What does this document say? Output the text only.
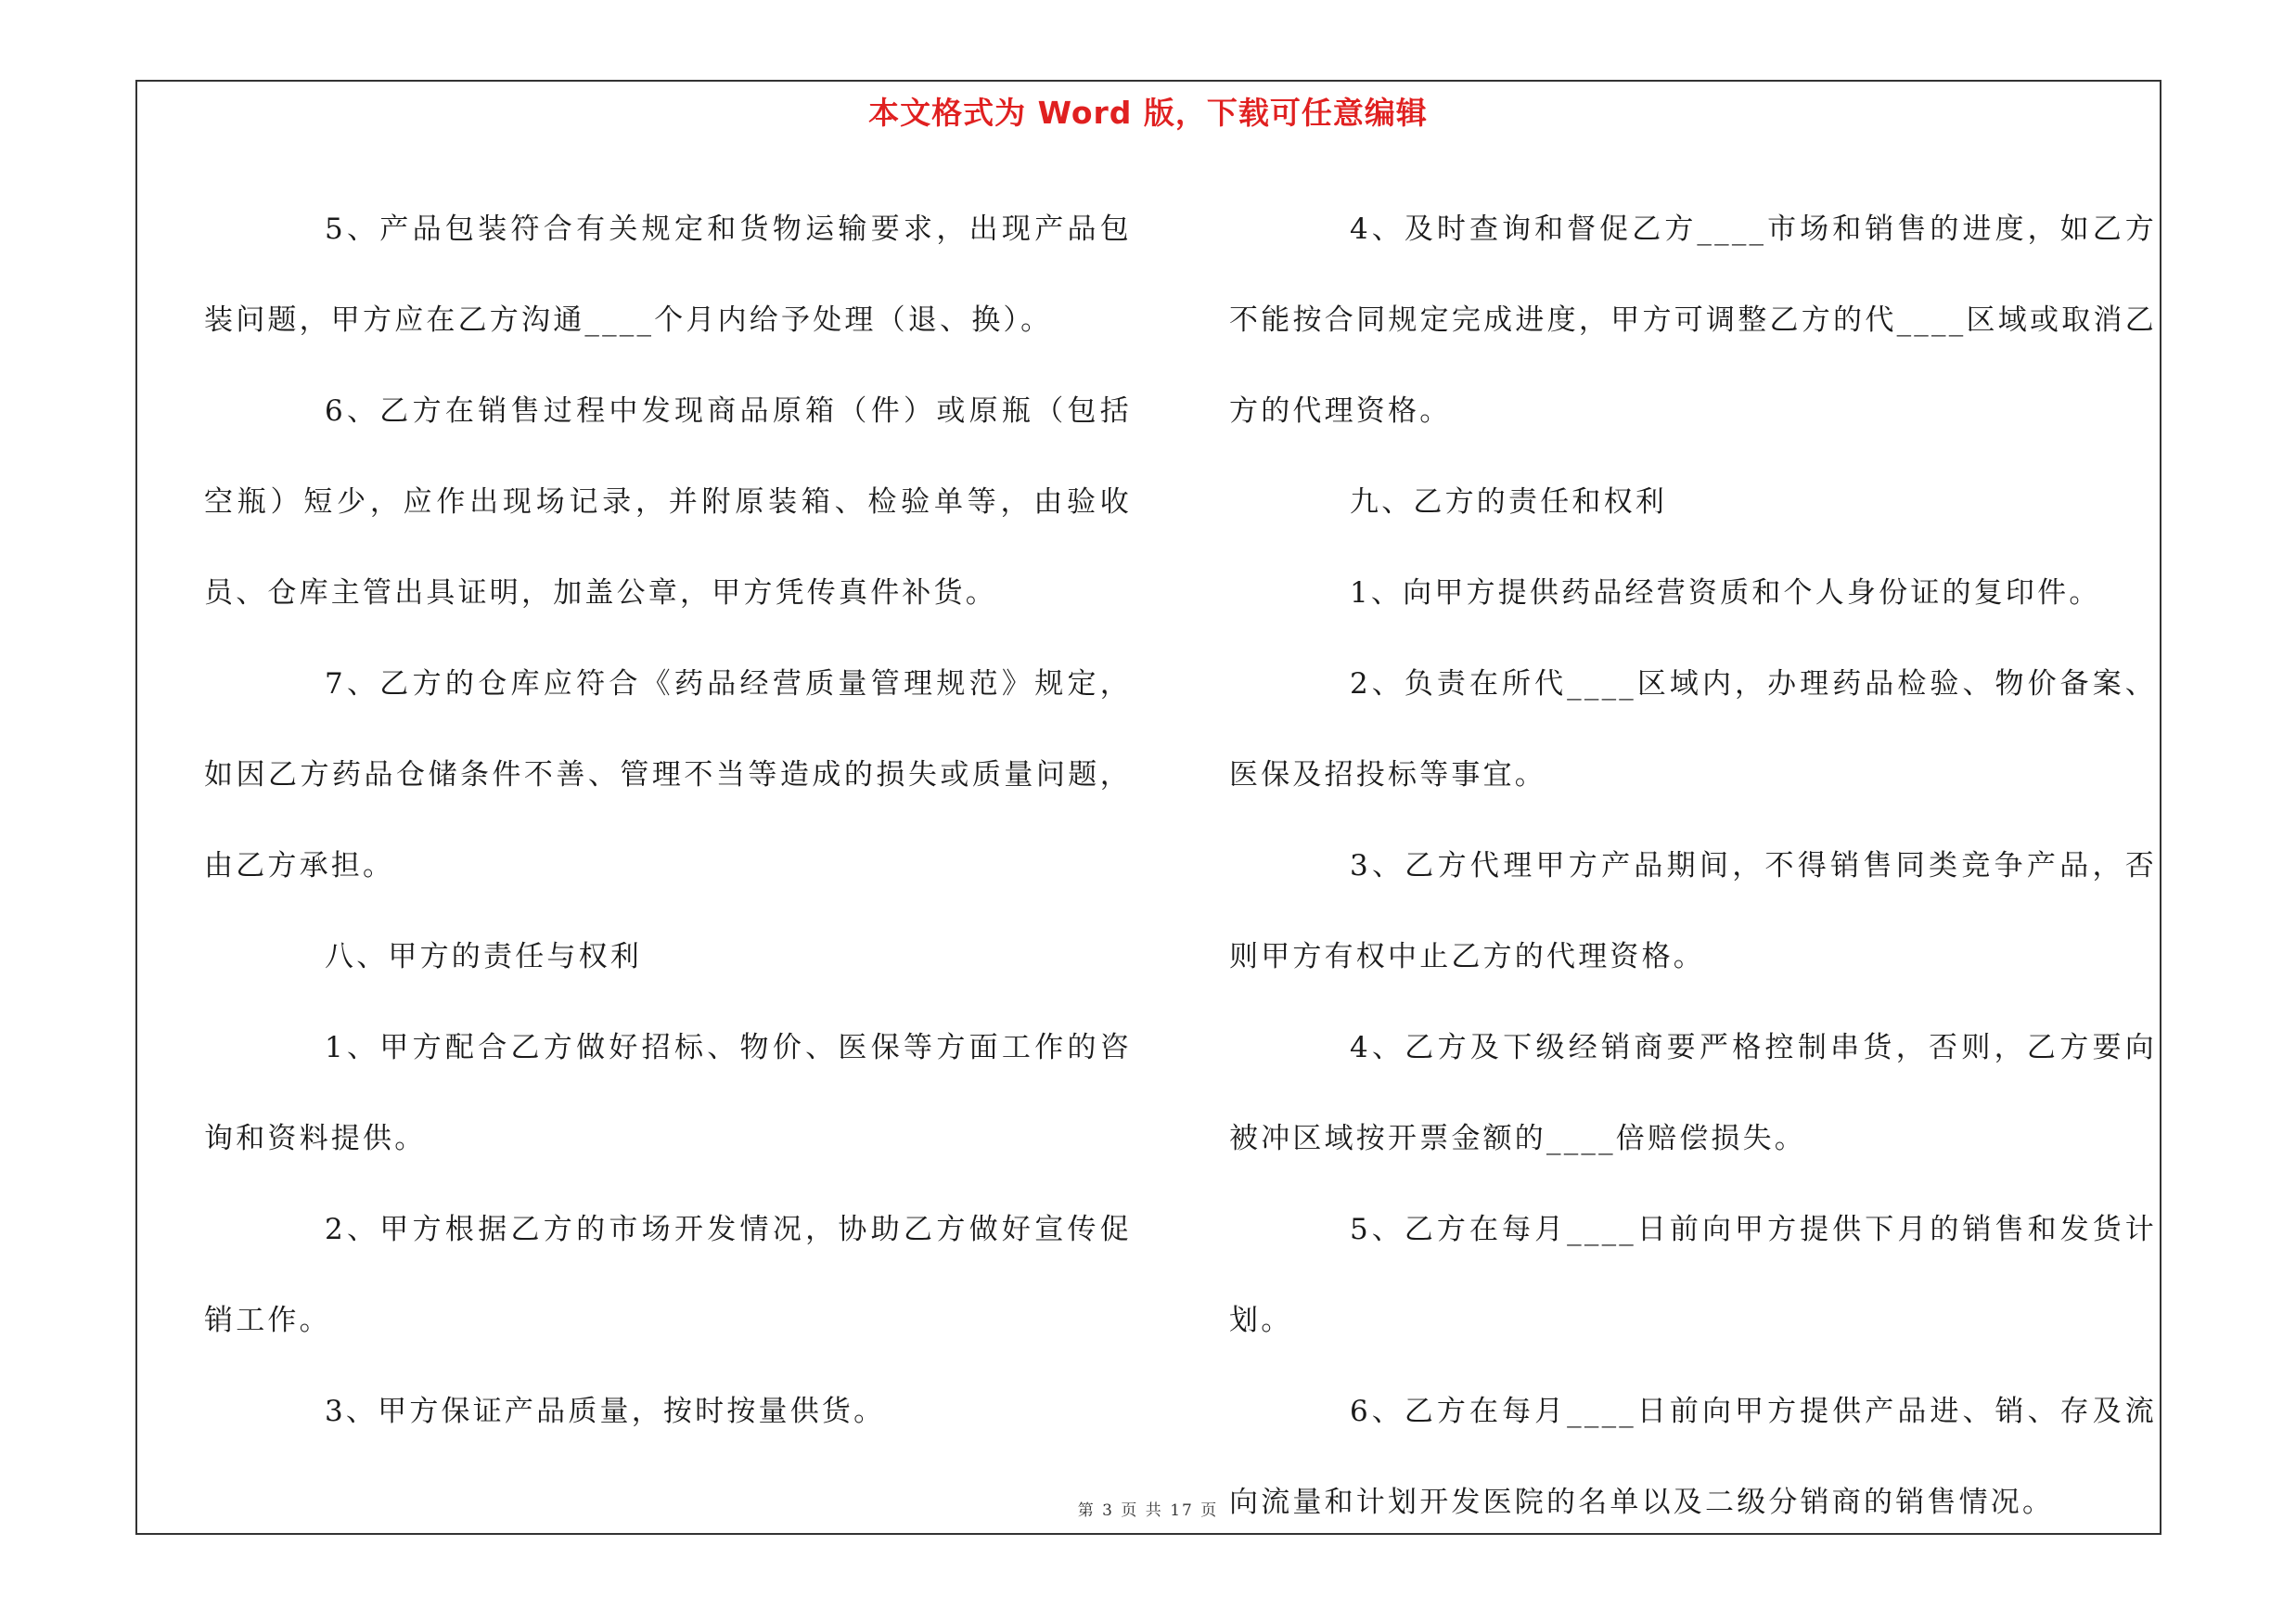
本文格式为 Word 版，下载可任意编辑

5、产品包装符合有关规定和货物运输要求，出现产品包装问题，甲方应在乙方沟通____个月内给予处理（退、换）。

6、乙方在销售过程中发现商品原箱（件）或原瓶（包括空瓶）短少，应作出现场记录，并附原装箱、检验单等，由验收员、仓库主管出具证明，加盖公章，甲方凭传真件补货。

7、乙方的仓库应符合《药品经营质量管理规范》规定，如因乙方药品仓储条件不善、管理不当等造成的损失或质量问题，由乙方承担。

八、甲方的责任与权利

1、甲方配合乙方做好招标、物价、医保等方面工作的咨询和资料提供。

2、甲方根据乙方的市场开发情况，协助乙方做好宣传促销工作。

3、甲方保证产品质量，按时按量供货。

4、及时查询和督促乙方____市场和销售的进度，如乙方不能按合同规定完成进度，甲方可调整乙方的代____区域或取消乙方的代理资格。

九、乙方的责任和权利

1、向甲方提供药品经营资质和个人身份证的复印件。

2、负责在所代____区域内，办理药品检验、物价备案、医保及招投标等事宜。

3、乙方代理甲方产品期间，不得销售同类竞争产品，否则甲方有权中止乙方的代理资格。

4、乙方及下级经销商要严格控制串货，否则，乙方要向被冲区域按开票金额的____倍赔偿损失。

5、乙方在每月____日前向甲方提供下月的销售和发货计划。

6、乙方在每月____日前向甲方提供产品进、销、存及流向流量和计划开发医院的名单以及二级分销商的销售情况。

第 3 页 共 17 页
